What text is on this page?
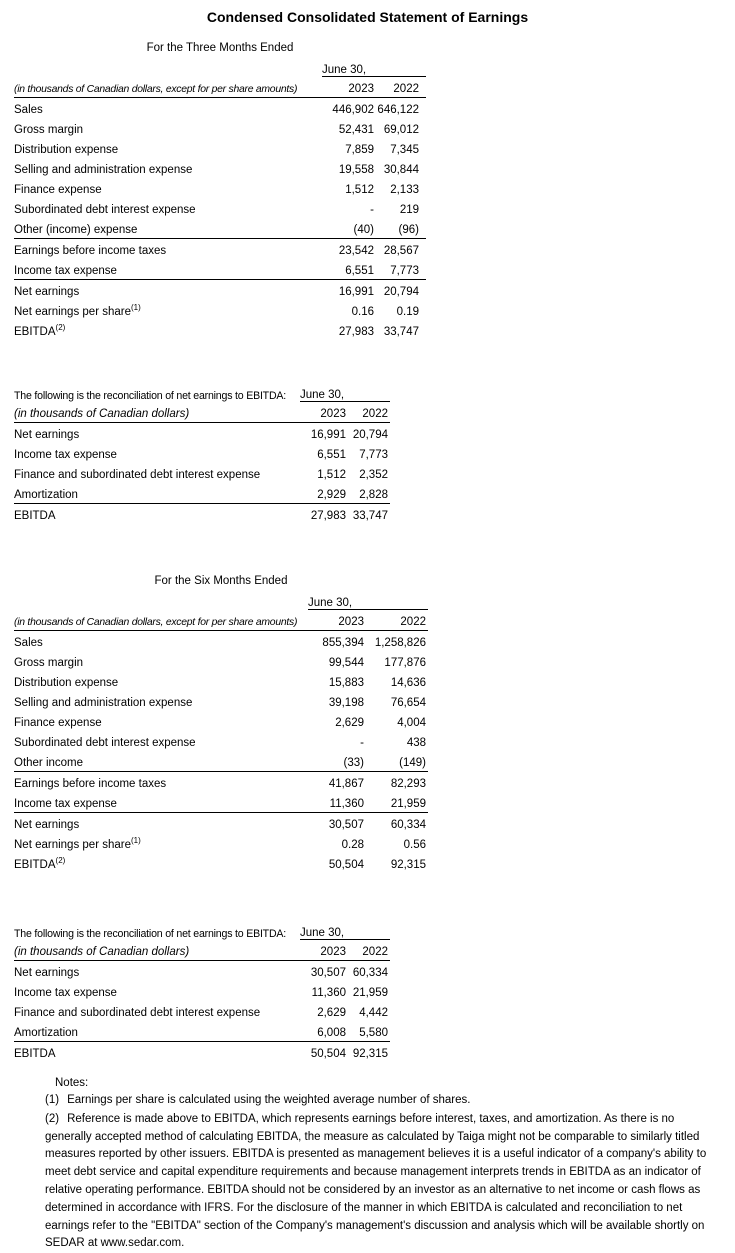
Condensed Consolidated Statement of Earnings
For the Three Months Ended
	June 30,	
(in thousands of Canadian dollars, except for per share amounts)	2023	2022
Sales	446,902	646,122
Gross margin	52,431	69,012
Distribution expense	7,859	7,345
Selling and administration expense	19,558	30,844
Finance expense	1,512	2,133
Subordinated debt interest expense	-	219
Other (income) expense	(40)	(96)
Earnings before income taxes	23,542	28,567
Income tax expense	6,551	7,773
Net earnings	16,991	20,794
Net earnings per share$^{(1)}$	0.16	0.19
EBITDA$^{(2)}$	27,983	33,747
The following is the reconciliation of net earnings to EBITDA:	June 30,	
(in thousands of Canadian dollars)	2023	2022
Net earnings	16,991	20,794
Income tax expense	6,551	7,773
Finance and subordinated debt interest expense	1,512	2,352
Amortization	2,929	2,828
EBITDA	27,983	33,747
For the Six Months Ended
	June 30,	
(in thousands of Canadian dollars, except for per share amounts)	2023	2022
Sales	855,394	1,258,826
Gross margin	99,544	177,876
Distribution expense	15,883	14,636
Selling and administration expense	39,198	76,654
Finance expense	2,629	4,004
Subordinated debt interest expense	-	438
Other income	(33)	(149)
Earnings before income taxes	41,867	82,293
Income tax expense	11,360	21,959
Net earnings	30,507	60,334
Net earnings per share$^{(1)}$	0.28	0.56
EBITDA$^{(2)}$	50,504	92,315
The following is the reconciliation of net earnings to EBITDA:	June 30,	
(in thousands of Canadian dollars)	2023	2022
Net earnings	30,507	60,334
Income tax expense	11,360	21,959
Finance and subordinated debt interest expense	2,629	4,442
Amortization	6,008	5,580
EBITDA	50,504	92,315
Notes:

(1) Earnings per share is calculated using the weighted average number of shares.

(2) Reference is made above to EBITDA, which represents earnings before interest, taxes, and amortization. As there is no generally accepted method of calculating EBITDA, the measure as calculated by Taiga might not be comparable to similarly titled measures reported by other issuers. EBITDA is presented as management believes it is a useful indicator of a company's ability to meet debt service and capital expenditure requirements and because management interprets trends in EBITDA as an indicator of relative operating performance. EBITDA should not be considered by an investor as an alternative to net income or cash flows as determined in accordance with IFRS. For the disclosure of the manner in which EBITDA is calculated and reconciliation to net earnings refer to the "EBITDA" section of the Company's management's discussion and analysis which will be available shortly on SEDAR at www.sedar.com.
